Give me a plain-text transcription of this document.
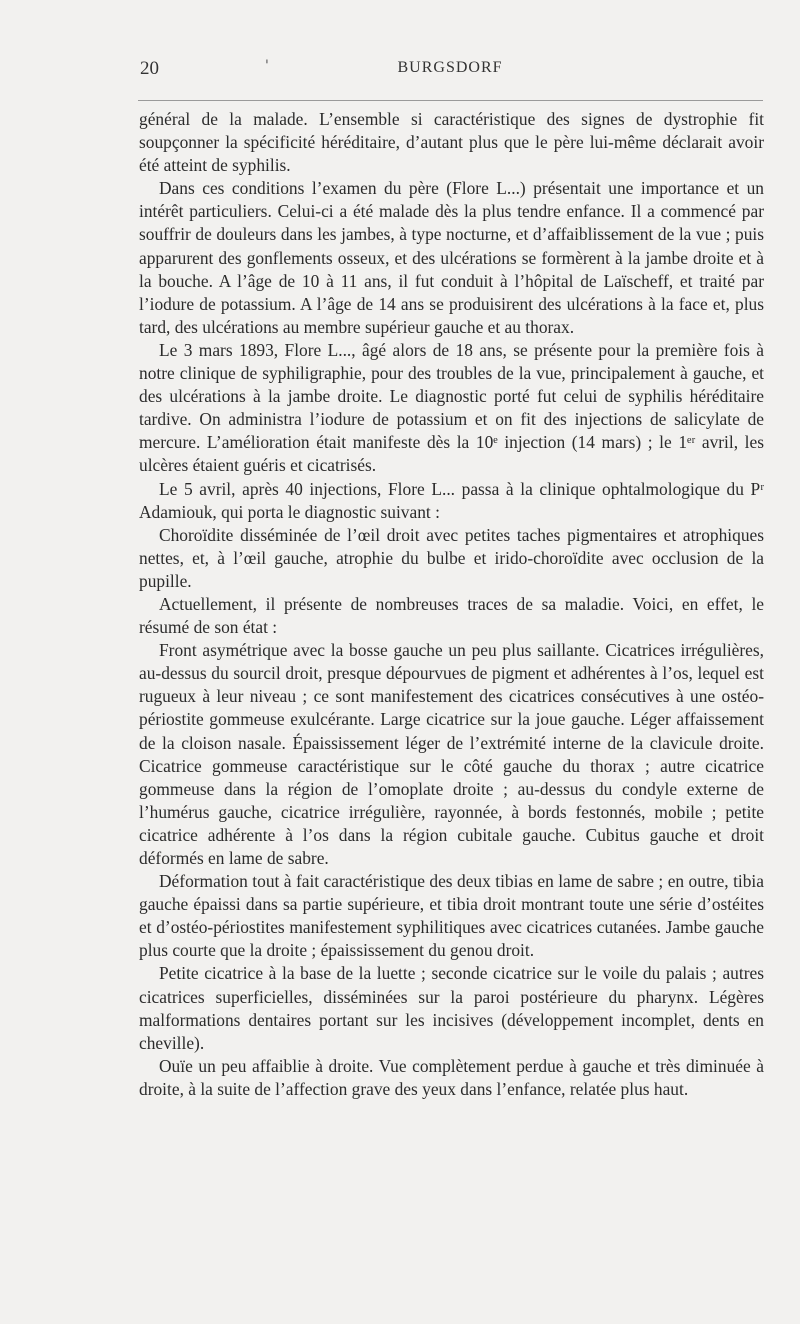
20	'	BURGSDORF

général de la malade. L’ensemble si caractéristique des signes de dystrophie fit soupçonner la spécificité héréditaire, d’autant plus que le père lui-même déclarait avoir été atteint de syphilis.

Dans ces conditions l’examen du père (Flore L...) présentait une importance et un intérêt particuliers. Celui-ci a été malade dès la plus tendre enfance. Il a commencé par souffrir de douleurs dans les jambes, à type nocturne, et d’affaiblissement de la vue ; puis apparurent des gonflements osseux, et des ulcérations se formèrent à la jambe droite et à la bouche. A l’âge de 10 à 11 ans, il fut conduit à l’hôpital de Laïscheff, et traité par l’iodure de potassium. A l’âge de 14 ans se produisirent des ulcérations à la face et, plus tard, des ulcérations au membre supérieur gauche et au thorax.

Le 3 mars 1893, Flore L..., âgé alors de 18 ans, se présente pour la première fois à notre clinique de syphiligraphie, pour des troubles de la vue, principalement à gauche, et des ulcérations à la jambe droite. Le diagnostic porté fut celui de syphilis héréditaire tardive. On administra l’iodure de potassium et on fit des injections de salicylate de mercure. L’amélioration était manifeste dès la 10ᵉ injection (14 mars) ; le 1ᵉʳ avril, les ulcères étaient guéris et cicatrisés.

Le 5 avril, après 40 injections, Flore L... passa à la clinique ophtalmologique du Pʳ Adamiouk, qui porta le diagnostic suivant :

Choroïdite disséminée de l’œil droit avec petites taches pigmentaires et atrophiques nettes, et, à l’œil gauche, atrophie du bulbe et irido-choroïdite avec occlusion de la pupille.

Actuellement, il présente de nombreuses traces de sa maladie. Voici, en effet, le résumé de son état :

Front asymétrique avec la bosse gauche un peu plus saillante. Cicatrices irrégulières, au-dessus du sourcil droit, presque dépourvues de pigment et adhérentes à l’os, lequel est rugueux à leur niveau ; ce sont manifestement des cicatrices consécutives à une ostéo-périostite gommeuse exulcérante. Large cicatrice sur la joue gauche. Léger affaissement de la cloison nasale. Épaississement léger de l’extrémité interne de la clavicule droite. Cicatrice gommeuse caractéristique sur le côté gauche du thorax ; autre cicatrice gommeuse dans la région de l’omoplate droite ; au-dessus du condyle externe de l’humérus gauche, cicatrice irrégulière, rayonnée, à bords festonnés, mobile ; petite cicatrice adhérente à l’os dans la région cubitale gauche. Cubitus gauche et droit déformés en lame de sabre.

Déformation tout à fait caractéristique des deux tibias en lame de sabre ; en outre, tibia gauche épaissi dans sa partie supérieure, et tibia droit montrant toute une série d’ostéites et d’ostéo-périostites manifestement syphilitiques avec cicatrices cutanées. Jambe gauche plus courte que la droite ; épaississement du genou droit.

Petite cicatrice à la base de la luette ; seconde cicatrice sur le voile du palais ; autres cicatrices superficielles, disséminées sur la paroi postérieure du pharynx. Légères malformations dentaires portant sur les incisives (développement incomplet, dents en cheville).

Ouïe un peu affaiblie à droite. Vue complètement perdue à gauche et très diminuée à droite, à la suite de l’affection grave des yeux dans l’enfance, relatée plus haut.
